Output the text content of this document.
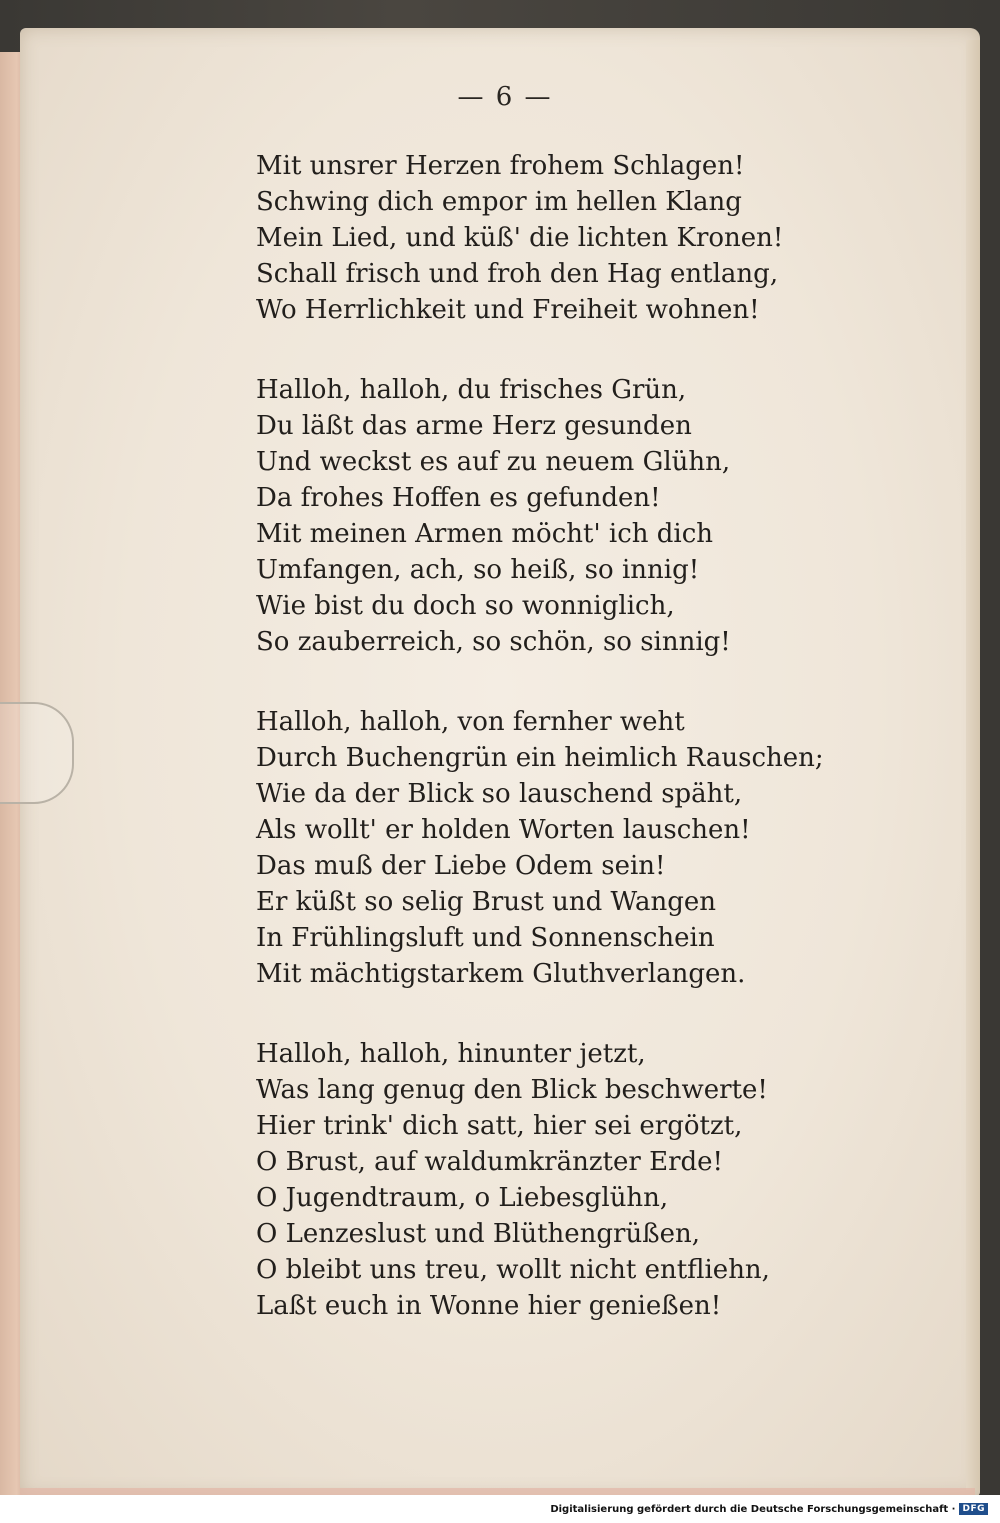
— 6 —
Mit unsrer Herzen frohem Schlagen!
Schwing dich empor im hellen Klang
Mein Lied, und küß' die lichten Kronen!
Schall frisch und froh den Hag entlang,
Wo Herrlichkeit und Freiheit wohnen!
Halloh, halloh, du frisches Grün,
Du läßt das arme Herz gesunden
Und weckst es auf zu neuem Glühn,
Da frohes Hoffen es gefunden!
Mit meinen Armen möcht' ich dich
Umfangen, ach, so heiß, so innig!
Wie bist du doch so wonniglich,
So zauberreich, so schön, so sinnig!
Halloh, halloh, von fernher weht
Durch Buchengrün ein heimlich Rauschen;
Wie da der Blick so lauschend späht,
Als wollt' er holden Worten lauschen!
Das muß der Liebe Odem sein!
Er küßt so selig Brust und Wangen
In Frühlingsluft und Sonnenschein
Mit mächtigstarkem Gluthverlangen.
Halloh, halloh, hinunter jetzt,
Was lang genug den Blick beschwerte!
Hier trink' dich satt, hier sei ergötzt,
O Brust, auf waldumkränzter Erde!
O Jugendtraum, o Liebesglühn,
O Lenzeslust und Blüthengrüßen,
O bleibt uns treu, wollt nicht entfliehn,
Laßt euch in Wonne hier genießen!
Digitalisierung gefördert durch die Deutsche Forschungsgemeinschaft · DFG
